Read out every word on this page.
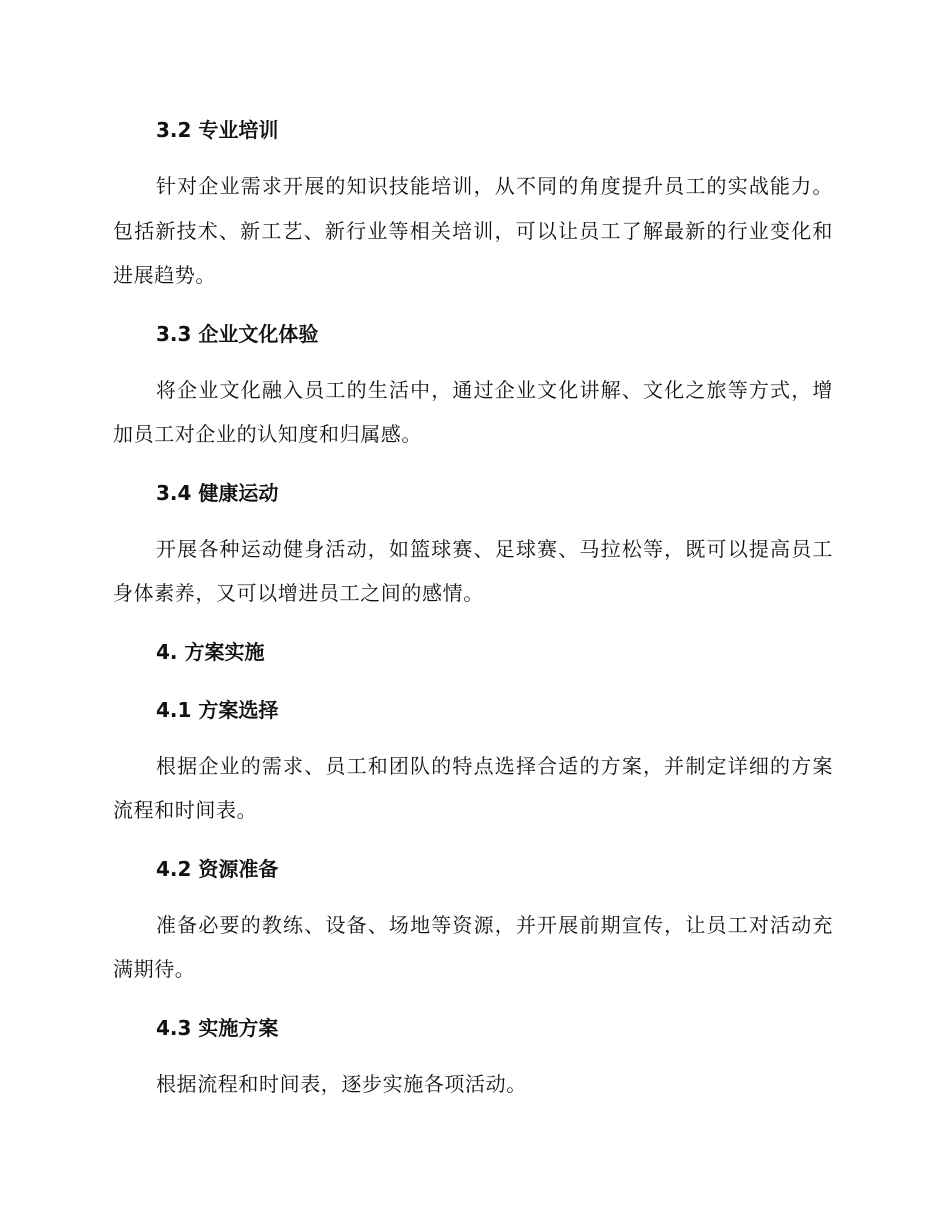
3.2 专业培训

针对企业需求开展的知识技能培训，从不同的角度提升员工的实战能力。包括新技术、新工艺、新行业等相关培训，可以让员工了解最新的行业变化和进展趋势。

3.3 企业文化体验

将企业文化融入员工的生活中，通过企业文化讲解、文化之旅等方式，增加员工对企业的认知度和归属感。

3.4 健康运动

开展各种运动健身活动，如篮球赛、足球赛、马拉松等，既可以提高员工身体素养，又可以增进员工之间的感情。

4. 方案实施
4.1 方案选择

根据企业的需求、员工和团队的特点选择合适的方案，并制定详细的方案流程和时间表。

4.2 资源准备

准备必要的教练、设备、场地等资源，并开展前期宣传，让员工对活动充满期待。

4.3 实施方案

根据流程和时间表，逐步实施各项活动。
